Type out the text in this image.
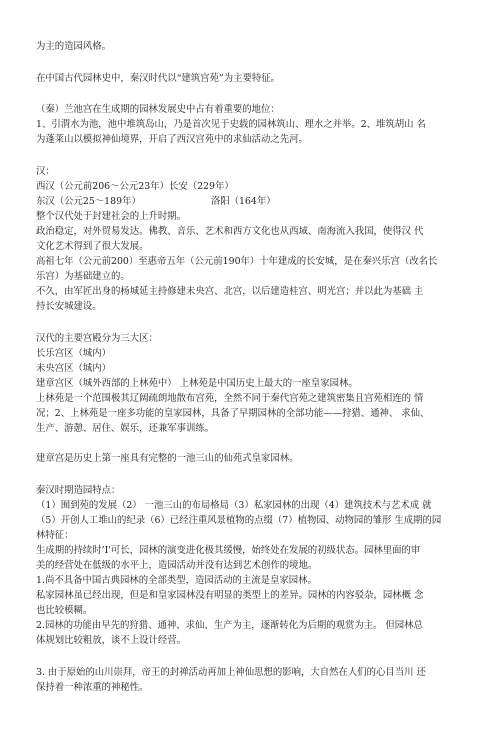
为主的造园风格。
在中国古代园林史中，秦汉时代以“建筑宫苑”为主要特征。
（秦）兰池宫在生成期的园林发展史中占有着重要的地位：
1、引渭水为池，池中堆筑岛山，乃是首次见于史载的园林筑山、理水之并举。2、堆筑胡山 名
为蓬莱山以模拟神仙境界，开启了西汉宫苑中的求仙活动之先河。
汉：
西汉（公元前206～公元23年）长安（229年）
东汉（公元25～189年）	洛阳（164年）
整个汉代处于封建社会的上升时期。
政治稳定，对外贸易发达。佛教、音乐、艺术和西方文化也从西域、南海流入我国，使得汉 代
文化艺术得到了很大发展。
高祖七年（公元前200）至惠帝五年（公元前190年）十年建成的长安城，是在秦兴乐宫（改名长
乐宫）为基础建立的。
不久，由军匠出身的杨城延主持修建未央宫、北宫，以后建造桂宫、明光宫；并以此为基础 主
持长安城建设。
汉代的主要宫殿分为三大区：
长乐宫区（城内）
未央宫区（城内）
建章宫区（城外西部的上林苑中） 上林苑是中国历史上最大的一座皇家园林。
上林苑是一个范围极其辽阔疏朗地散布宫苑，全然不同于秦代宫苑之建筑密集且宫苑相连的 情
况；2、上林苑是一座多功能的皇家园林，具备了早期园林的全部功能——狩猎、通神、 求仙、
生产、游憩、居住、娱乐，还兼军事训练。
建章宫是历史上第一座具有完整的一池三山的仙苑式皇家园林。
秦汉时期造园特点：
（1）囿到苑的发展（2） 一池三山的布局格局（3）私家园林的出现（4）建筑技术与艺术成 就
（5）开创人工堆山的纪录（6）已经注重风景植物的点缀（7）植物园、动物园的雏形 生成期的园
林特征：
生成期的持续时’I'可长，园林的演变进化极其缓慢，始终处在发展的初级状态。园林里面的审
美的经营处在低级的水平上，造园活动并没有达到艺术创作的境地。
1.尚不具备中国古典园林的全部类型，造园活动的主流是皇家园林。
私家园林虽已经出现，但是和皇家园林没有明显的类型上的差异。园林的内容驳杂，园林概 念
也比较模糊。
2.园林的功能由早先的狩猎、通神、求仙、生产为主，逐渐转化为后期的观赏为主。 但园林总
体规划比较粗放，谈不上设计经营。
3. 由于原始的山川崇拜，帝王的封禅活动再加上神仙思想的影响，大自然在人们的心目当川 还
保持着一种浓重的神秘性。
